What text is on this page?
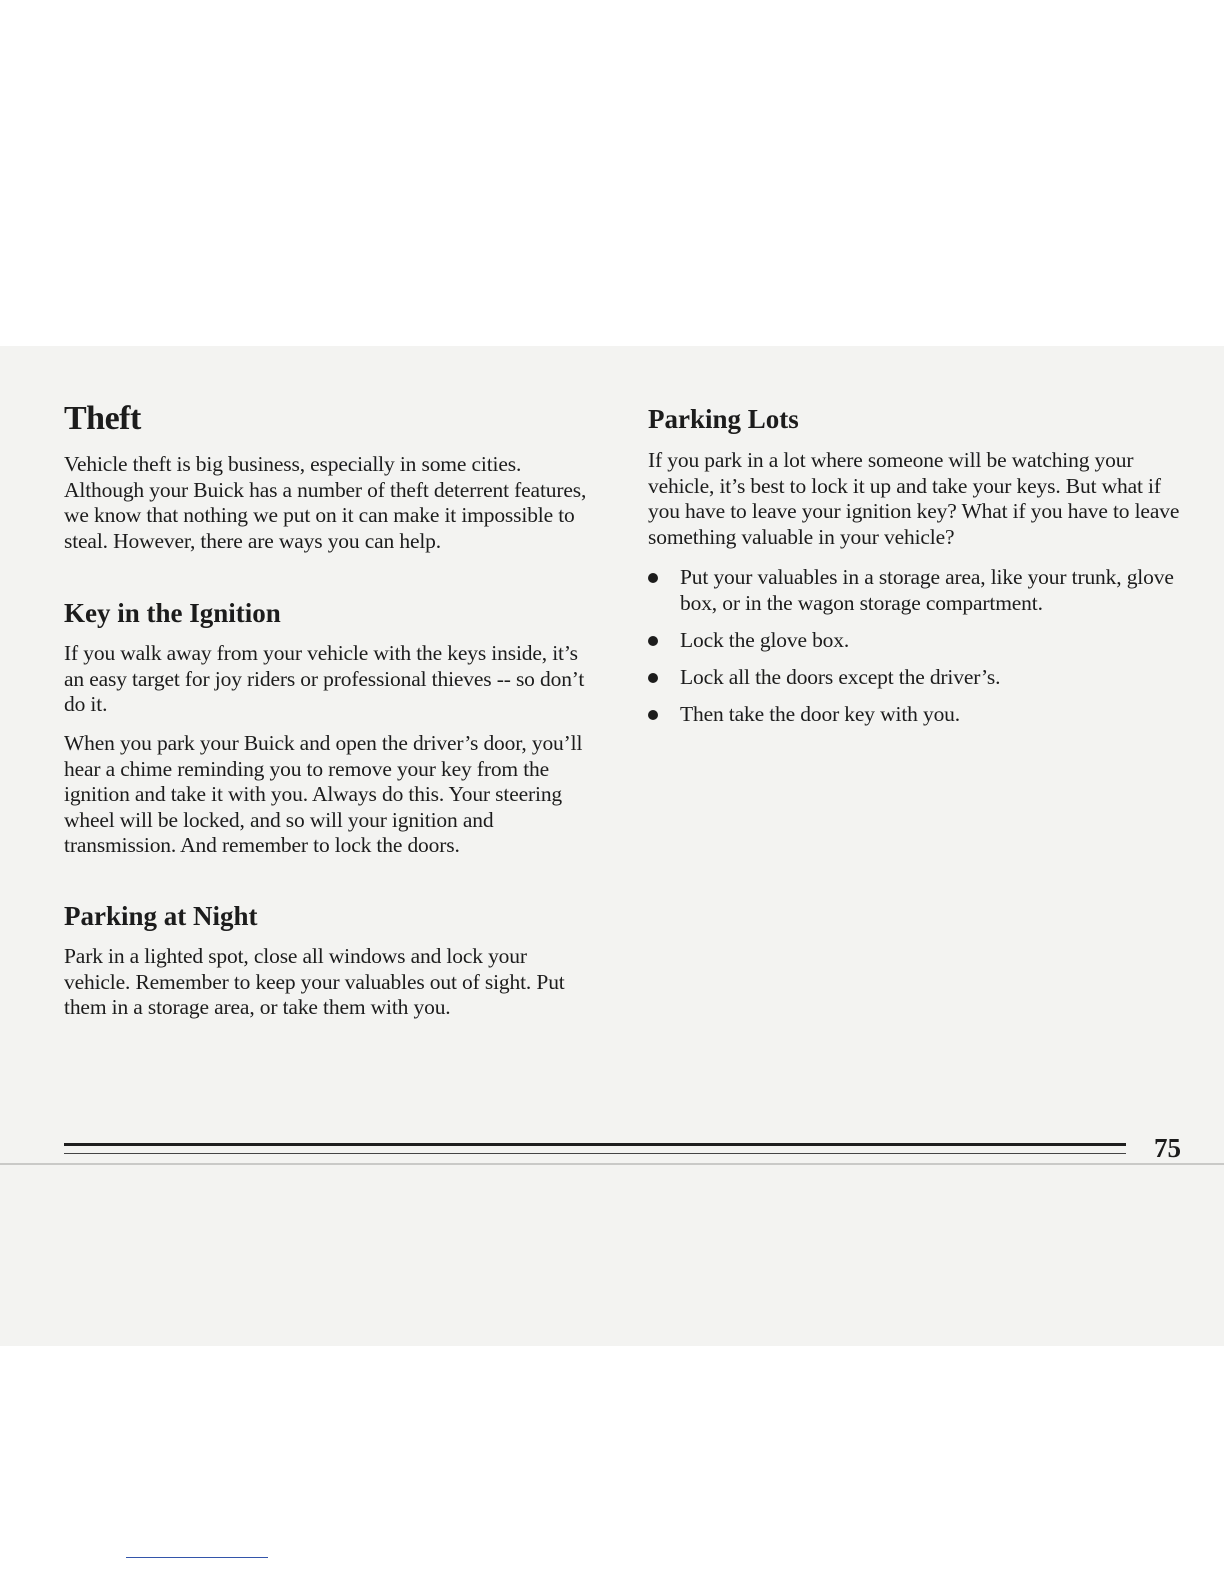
Theft

Vehicle theft is big business, especially in some cities. Although your Buick has a number of theft deterrent features, we know that nothing we put on it can make it impossible to steal. However, there are ways you can help.

Key in the Ignition

If you walk away from your vehicle with the keys inside, it’s an easy target for joy riders or professional thieves -- so don’t do it.

When you park your Buick and open the driver’s door, you’ll hear a chime reminding you to remove your key from the ignition and take it with you. Always do this. Your steering wheel will be locked, and so will your ignition and transmission. And remember to lock the doors.

Parking at Night

Park in a lighted spot, close all windows and lock your vehicle. Remember to keep your valuables out of sight. Put them in a storage area, or take them with you.

Parking Lots

If you park in a lot where someone will be watching your vehicle, it’s best to lock it up and take your keys. But what if you have to leave your ignition key? What if you have to leave something valuable in your vehicle?

Put your valuables in a storage area, like your trunk, glove box, or in the wagon storage compartment.
Lock the glove box.
Lock all the doors except the driver’s.
Then take the door key with you.
75
